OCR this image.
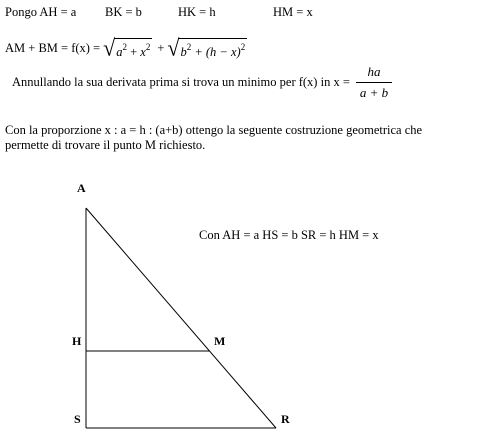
Pongo AH = a BK = b	HK = h	HM = x
AM + BM = f(x) = √ $a^2 + x^2$ + √ $b^2 + (h - x)^2$
Annullando la sua derivata prima si trova un minimo per f(x) in $x = \frac{ha}{a + b}$
Con la proporzione x : a = h : (a+b) ottengo la seguente costruzione geometrica che
permette di trovare il punto M richiesto.
A
H	M
S	R
Con AH = a HS = b SR = h HM = x
